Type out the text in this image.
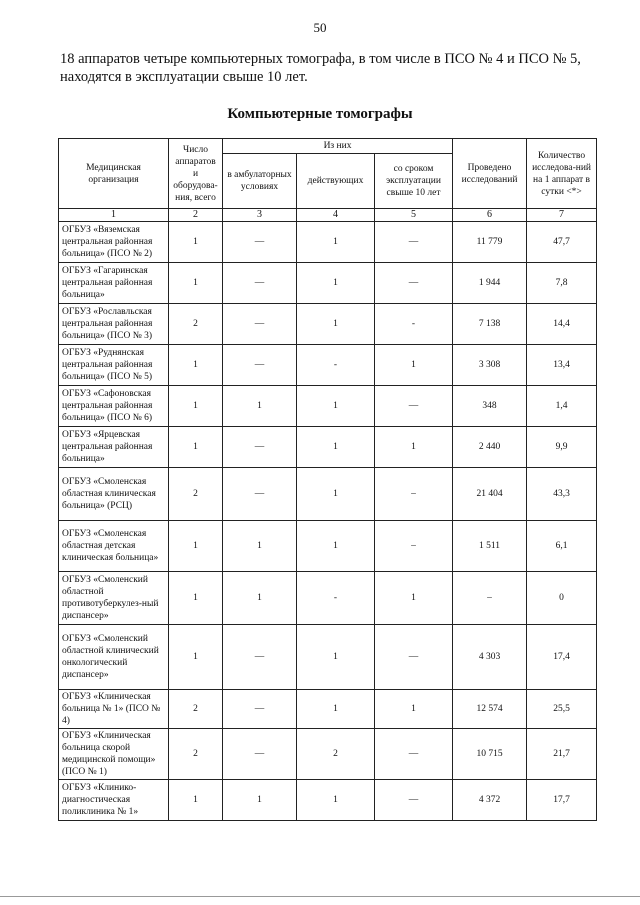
50
18 аппаратов четыре компьютерных томографа, в том числе в ПСО № 4 и ПСО № 5,
находятся в эксплуатации свыше 10 лет.
Компьютерные томографы
Медицинская организация	Число аппаратов и оборудова-ния, всего	Из них			Проведено исследований	Количество исследова-ний на 1 аппарат в сутки <*>
		в амбулаторных условиях	действующих	со сроком эксплуатации свыше 10 лет		
1	2	3	4	5	6	7
ОГБУЗ «Вяземская центральная районная больница» (ПСО № 2)	1	—	1	—	11 779	47,7
ОГБУЗ «Гагаринская центральная районная больница»	1	—	1	—	1 944	7,8
ОГБУЗ «Рославльская центральная районная больница» (ПСО № 3)	2	—	1	-	7 138	14,4
ОГБУЗ «Руднянская центральная районная больница» (ПСО № 5)	1	—	-	1	3 308	13,4
ОГБУЗ «Сафоновская центральная районная больница» (ПСО № 6)	1	1	1	—	348	1,4
ОГБУЗ «Ярцевская центральная районная больница»	1	—	1	1	2 440	9,9
ОГБУЗ «Смоленская областная клиническая больница» (РСЦ)	2	—	1	–	21 404	43,3
ОГБУЗ «Смоленская областная детская клиническая больница»	1	1	1	–	1 511	6,1
ОГБУЗ «Смоленский областной противотуберкулез-ный диспансер»	1	1	-	1	–	0
ОГБУЗ «Смоленский областной клинический онкологический диспансер»	1	—	1	—	4 303	17,4
ОГБУЗ «Клиническая больница № 1» (ПСО № 4)	2	—	1	1	12 574	25,5
ОГБУЗ «Клиническая больница скорой медицинской помощи» (ПСО № 1)	2	—	2	—	10 715	21,7
ОГБУЗ «Клинико-диагностическая поликлиника № 1»	1	1	1	—	4 372	17,7
